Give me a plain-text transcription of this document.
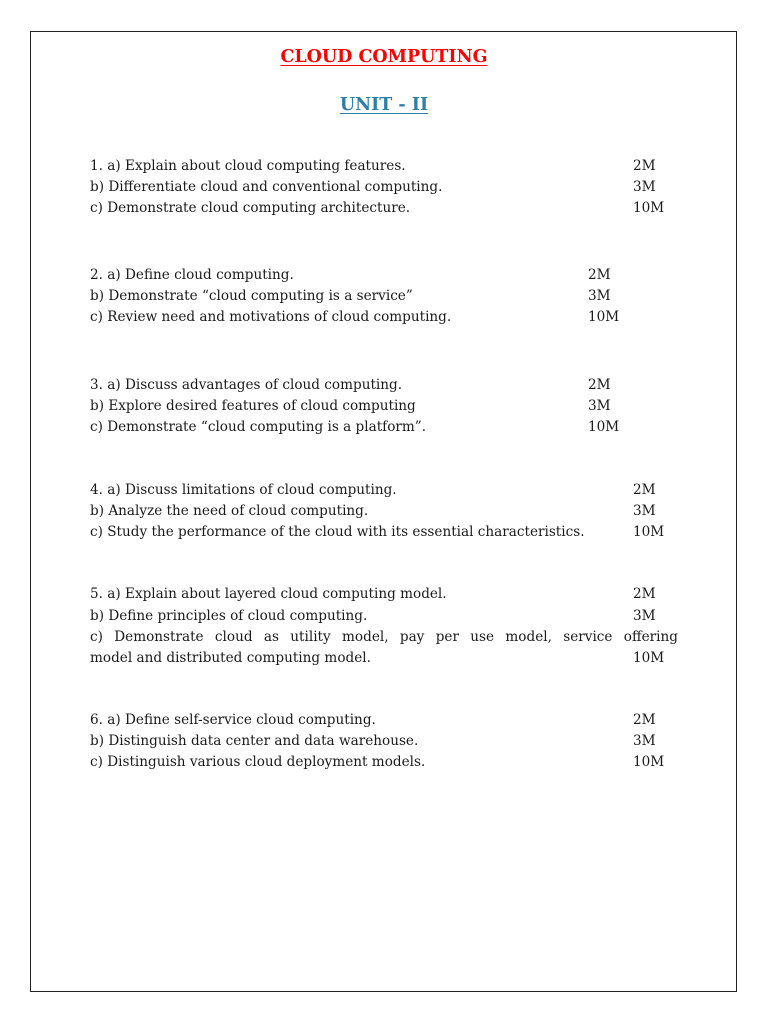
CLOUD COMPUTING
UNIT - II
1. a) Explain about cloud computing features.	2M
b) Differentiate cloud and conventional computing.	3M
c) Demonstrate cloud computing architecture.	10M
2. a) Define cloud computing.	2M
b) Demonstrate “cloud computing is a service”	3M
c) Review need and motivations of cloud computing.	10M
3. a) Discuss advantages of cloud computing.	2M
b) Explore desired features of cloud computing	3M
c) Demonstrate “cloud computing is a platform”.	10M
4. a) Discuss limitations of cloud computing.	2M
b) Analyze the need of cloud computing.	3M
c) Study the performance of the cloud with its essential characteristics.	10M
5. a) Explain about layered cloud computing model.	2M
b) Define principles of cloud computing.	3M
c) Demonstrate cloud as utility model, pay per use model, service offering
model and distributed computing model.	10M
6. a) Define self-service cloud computing.	2M
b) Distinguish data center and data warehouse.	3M
c) Distinguish various cloud deployment models.	10M
